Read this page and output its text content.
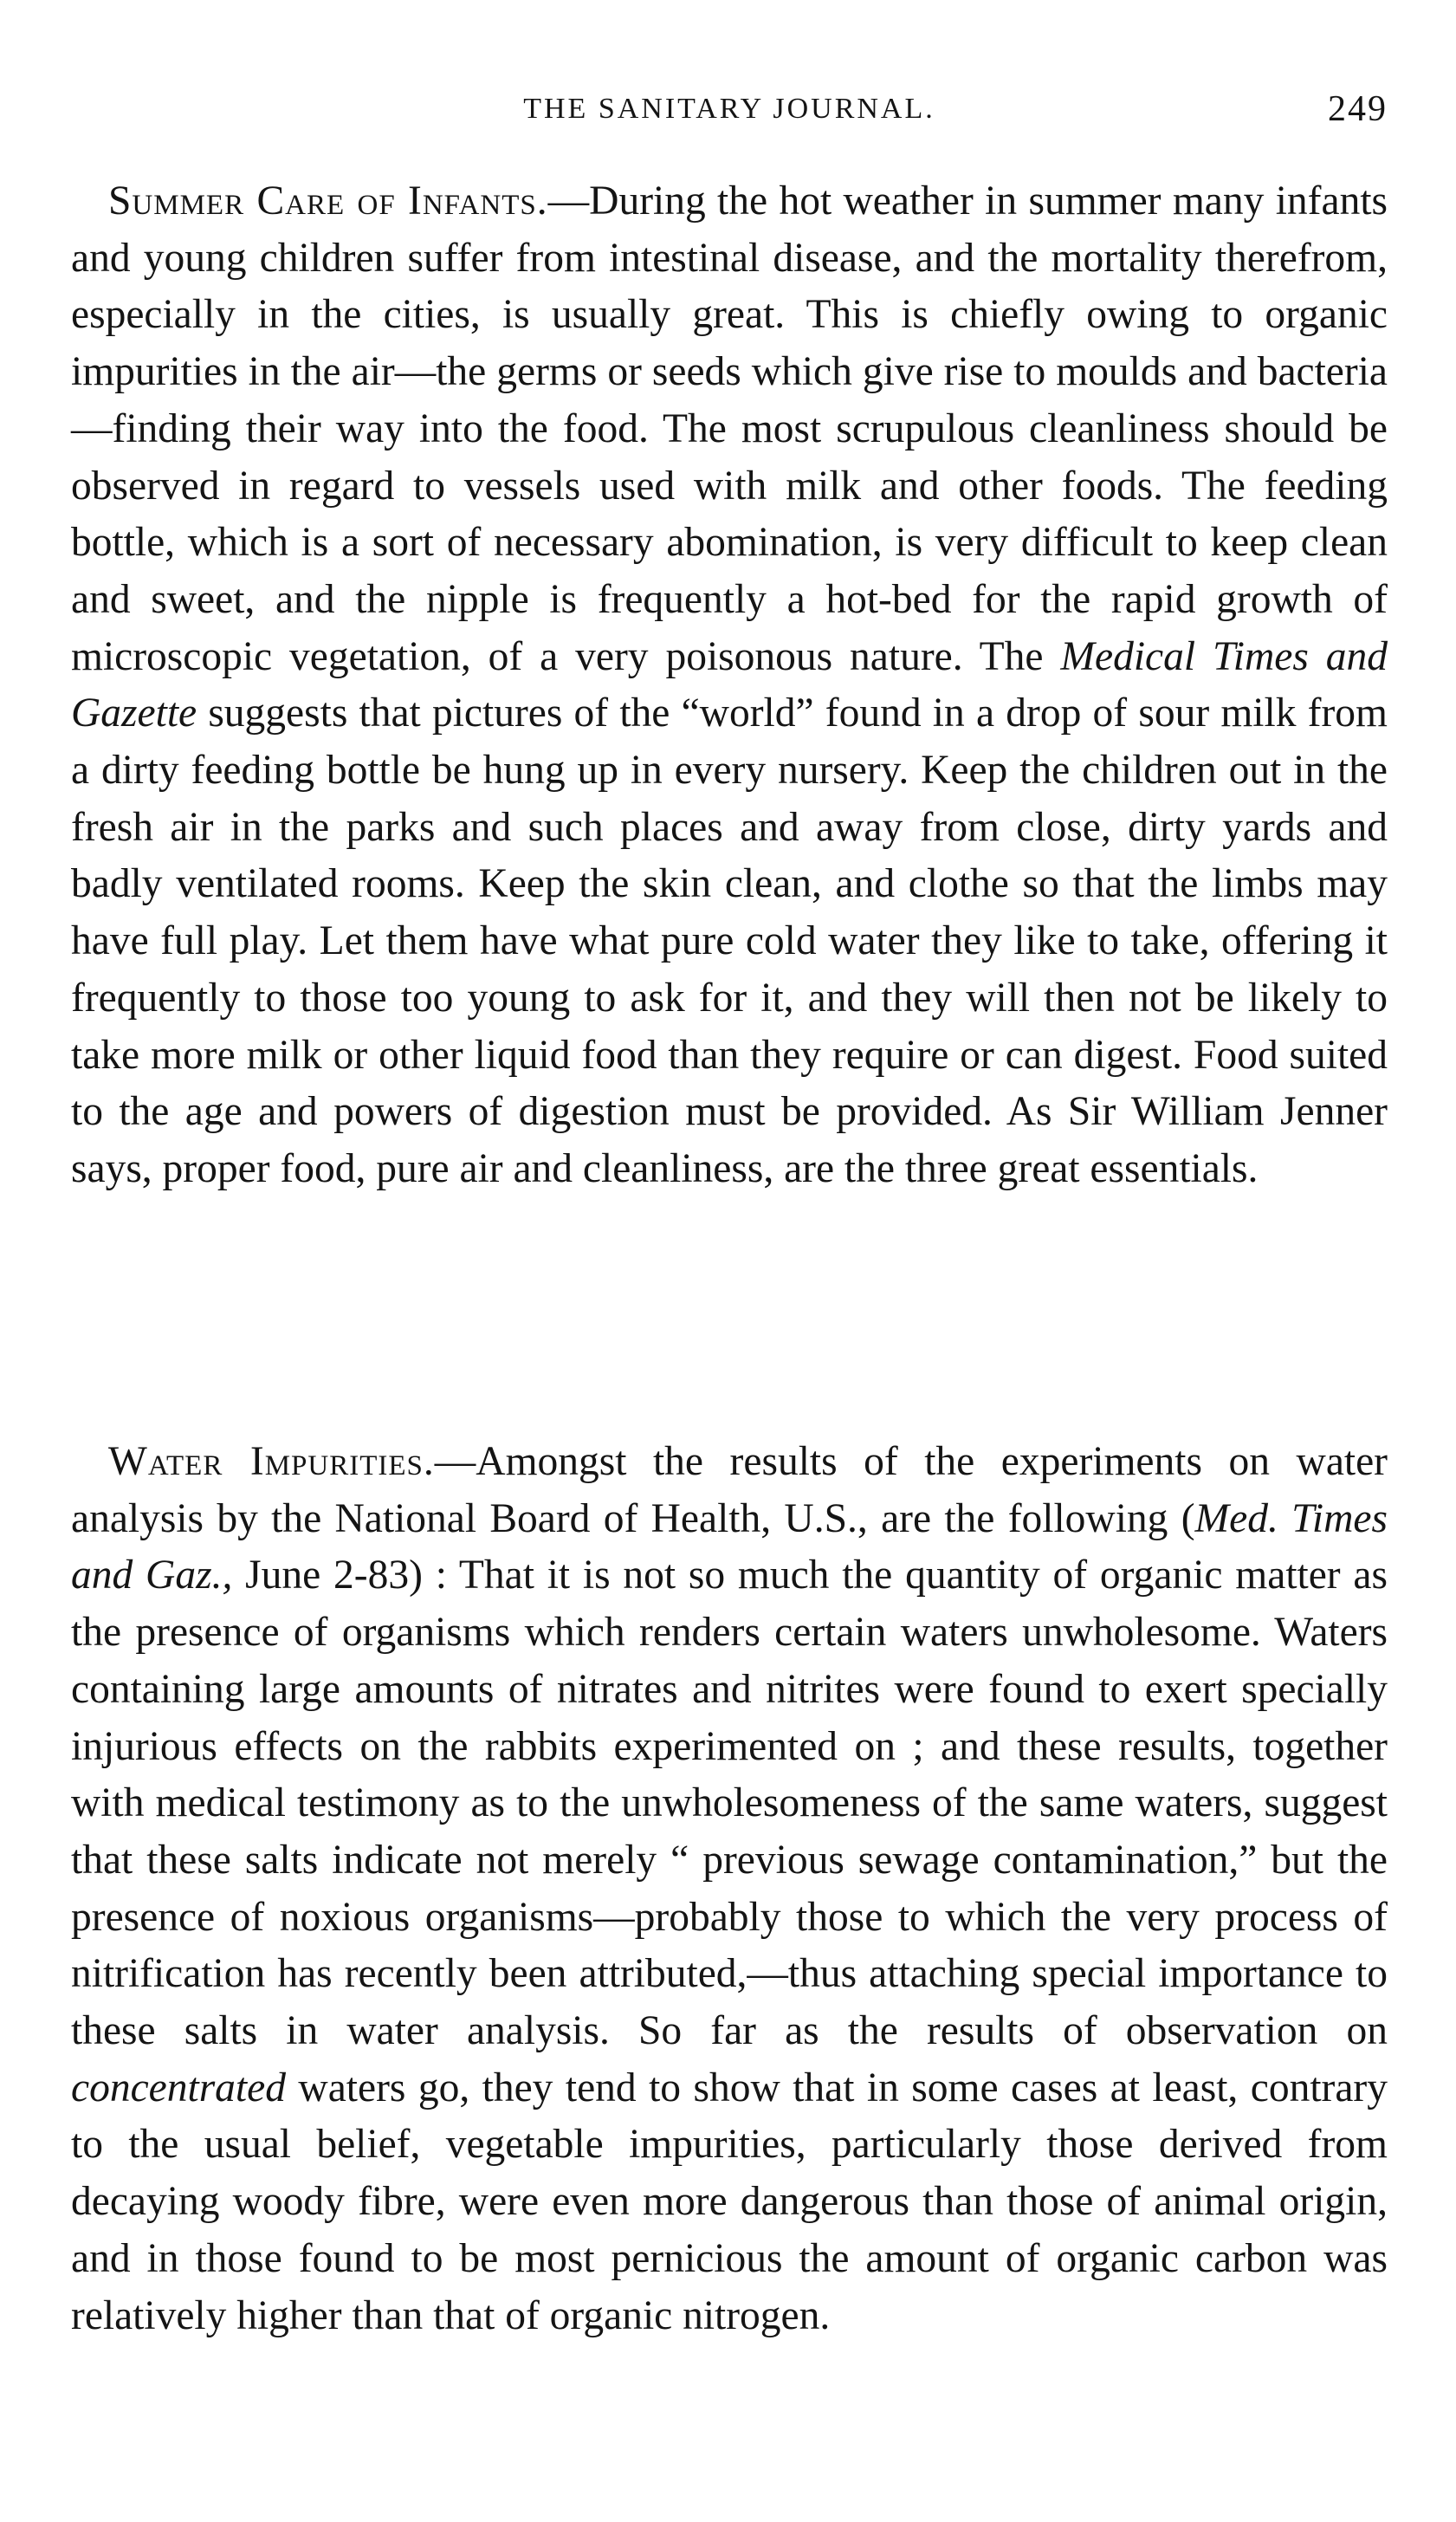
THE SANITARY JOURNAL.	249

Summer Care of Infants.—During the hot weather in summer many infants and young children suffer from intestinal disease, and the mortality therefrom, especially in the cities, is usually great. This is chiefly owing to organic impurities in the air—the germs or seeds which give rise to moulds and bacteria—finding their way into the food. The most scrupulous cleanliness should be observed in regard to vessels used with milk and other foods. The feeding bottle, which is a sort of necessary abomination, is very difficult to keep clean and sweet, and the nipple is frequently a hot-bed for the rapid growth of microscopic vegetation, of a very poisonous nature. The Medical Times and Gazette suggests that pictures of the “world” found in a drop of sour milk from a dirty feeding bottle be hung up in every nursery. Keep the children out in the fresh air in the parks and such places and away from close, dirty yards and badly ventilated rooms. Keep the skin clean, and clothe so that the limbs may have full play. Let them have what pure cold water they like to take, offering it frequently to those too young to ask for it, and they will then not be likely to take more milk or other liquid food than they require or can digest. Food suited to the age and powers of digestion must be provided. As Sir William Jenner says, proper food, pure air and cleanliness, are the three great essentials.

Water Impurities.—Amongst the results of the experiments on water analysis by the National Board of Health, U.S., are the following (Med. Times and Gaz., June 2-83) : That it is not so much the quantity of organic matter as the presence of organisms which renders certain waters unwholesome. Waters containing large amounts of nitrates and nitrites were found to exert specially injurious effects on the rabbits experimented on ; and these results, together with medical testimony as to the unwholesomeness of the same waters, suggest that these salts indicate not merely “ previous sewage contamination,” but the presence of noxious organisms—probably those to which the very process of nitrification has recently been attributed,—thus attaching special importance to these salts in water analysis. So far as the results of observation on concentrated waters go, they tend to show that in some cases at least, contrary to the usual belief, vegetable impurities, particularly those derived from decaying woody fibre, were even more dangerous than those of animal origin, and in those found to be most pernicious the amount of organic carbon was relatively higher than that of organic nitrogen.
